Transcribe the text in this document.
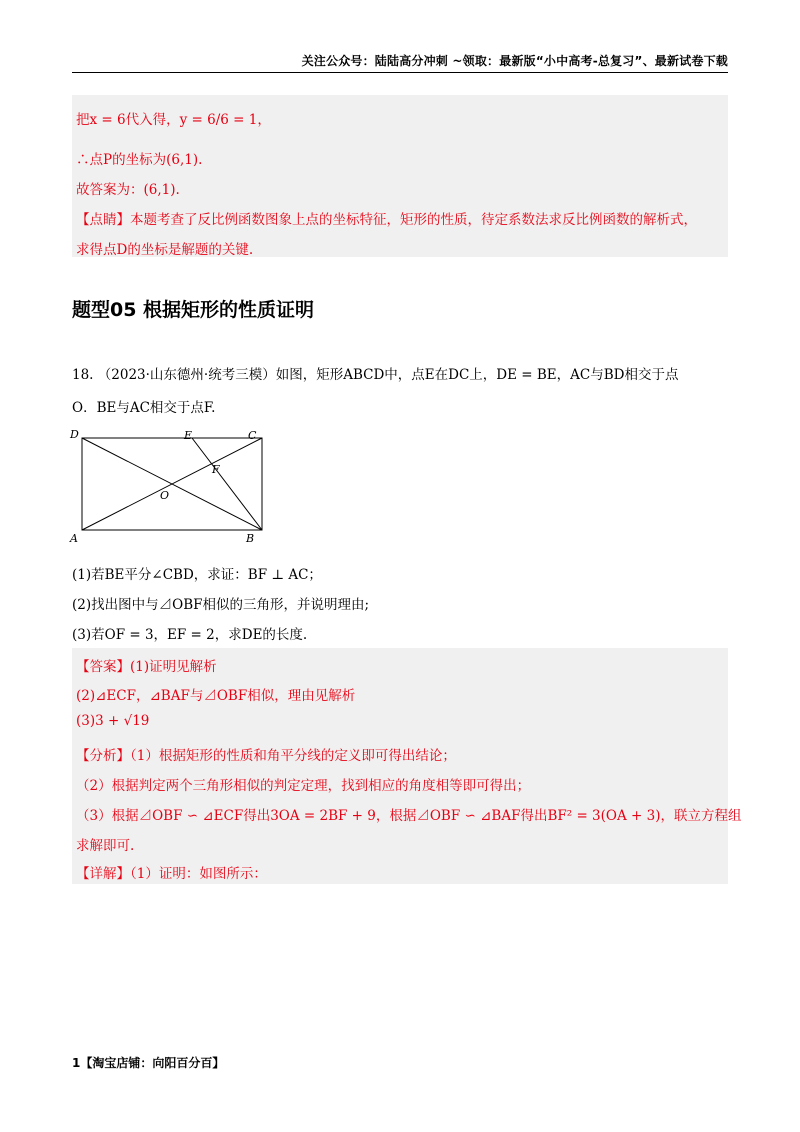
关注公众号：陆陆高分冲刺 ~领取：最新版“小中高考-总复习”、最新试卷下载
把x = 6代入得，y = 6/6 = 1，
∴点P的坐标为(6,1).
故答案为：(6,1).
【点睛】本题考查了反比例函数图象上点的坐标特征，矩形的性质，待定系数法求反比例函数的解析式，
求得点D的坐标是解题的关键.
题型05 根据矩形的性质证明
18. （2023·山东德州·统考三模）如图，矩形ABCD中，点E在DC上，DE = BE，AC与BD相交于点
O．BE与AC相交于点F.
D	E	C
F
O
A	B
(1)若BE平分∠CBD，求证：BF ⊥ AC；
(2)找出图中与⊿OBF相似的三角形，并说明理由;
(3)若OF = 3，EF = 2，求DE的长度.
【答案】(1)证明见解析
(2)⊿ECF，⊿BAF与⊿OBF相似，理由见解析
(3)3 + √19
【分析】（1）根据矩形的性质和角平分线的定义即可得出结论；
（2）根据判定两个三角形相似的判定定理，找到相应的角度相等即可得出；
（3）根据⊿OBF ∽ ⊿ECF得出3OA = 2BF + 9，根据⊿OBF ∽ ⊿BAF得出BF² = 3(OA + 3)，联立方程组
求解即可.
【详解】（1）证明：如图所示：
1【淘宝店铺：向阳百分百】
